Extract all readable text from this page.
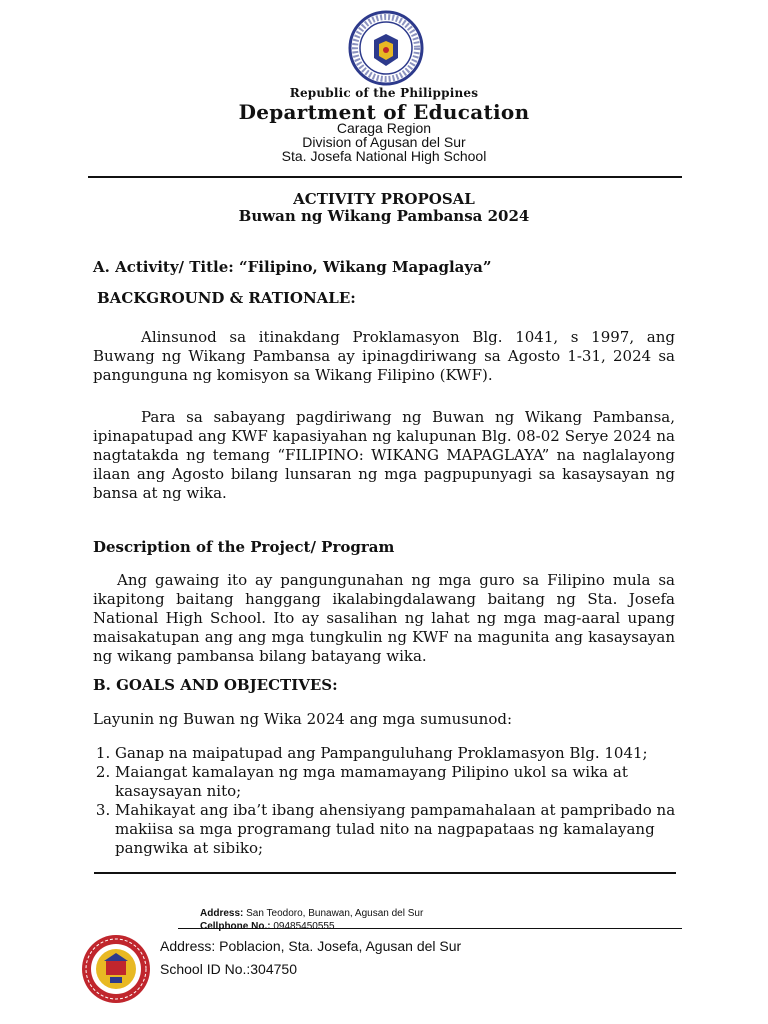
Republic of the Philippines
Department of Education
Caraga Region
Division of Agusan del Sur
Sta. Josefa National High School
ACTIVITY PROPOSAL
Buwan ng Wikang Pambansa 2024
A. Activity/ Title: “Filipino, Wikang Mapaglaya”
BACKGROUND & RATIONALE:
Alinsunod sa itinakdang Proklamasyon Blg. 1041, s 1997, ang Buwang ng Wikang Pambansa ay ipinagdiriwang sa Agosto 1-31, 2024 sa pangunguna ng komisyon sa Wikang Filipino (KWF).
Para sa sabayang pagdiriwang ng Buwan ng Wikang Pambansa, ipinapatupad ang KWF kapasiyahan ng kalupunan Blg. 08-02 Serye 2024 na nagtatakda ng temang “FILIPINO: WIKANG MAPAGLAYA” na naglalayong ilaan ang Agosto bilang lunsaran ng mga pagpupunyagi sa kasaysayan ng bansa at ng wika.
Description of the Project/ Program
Ang gawaing ito ay pangungunahan ng mga guro sa Filipino mula sa ikapitong baitang hanggang ikalabingdalawang baitang ng Sta. Josefa National High School. Ito ay sasalihan ng lahat ng mga mag-aaral upang maisakatupan ang ang mga tungkulin ng KWF na magunita ang kasaysayan ng wikang pambansa bilang batayang wika.
B. GOALS AND OBJECTIVES:
Layunin ng Buwan ng Wika 2024 ang mga sumusunod:
1. Ganap na maipatupad ang Pampanguluhang Proklamasyon Blg. 1041;
2. Maiangat kamalayan ng mga mamamayang Pilipino ukol sa wika at kasaysayan nito;
3. Mahikayat ang iba’t ibang ahensiyang pampamahalaan at pampribado na makiisa sa mga programang tulad nito na nagpapataas ng kamalayang pangwika at sibiko;
Address: San Teodoro, Bunawan, Agusan del Sur
Cellphone No.: 09485450555
Address: Poblacion, Sta. Josefa, Agusan del Sur
School ID No.:304750
